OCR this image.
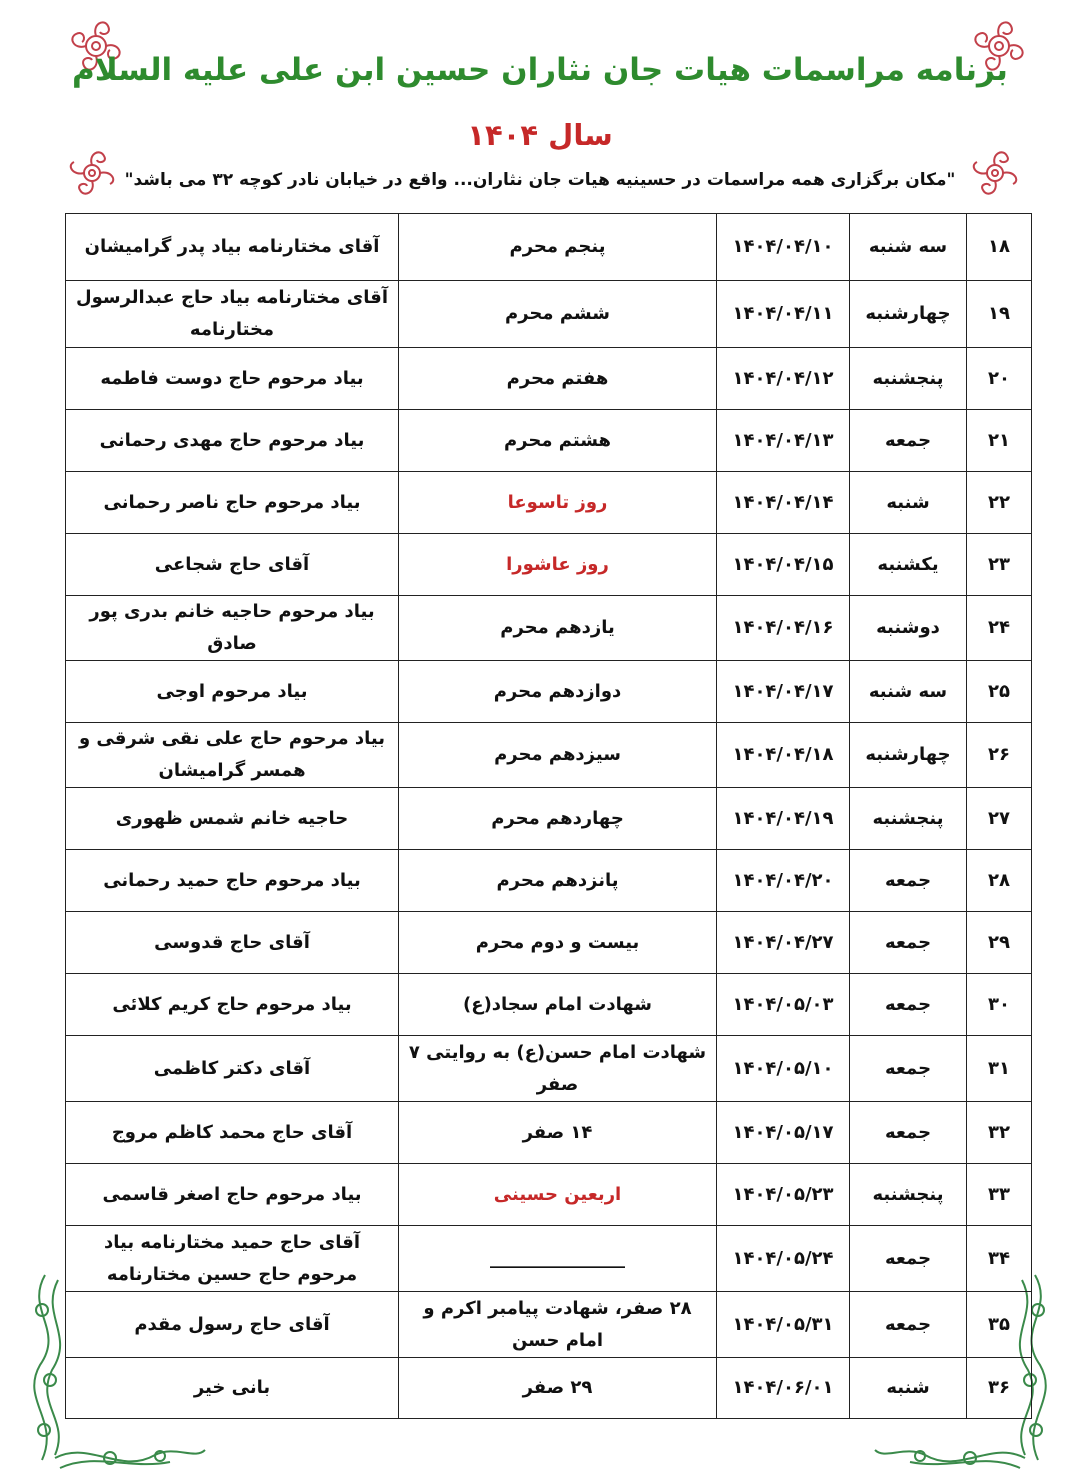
برنامه مراسمات هیات جان نثاران حسین ابن علی علیه السلام
سال ۱۴۰۴
"مکان برگزاری همه مراسمات در حسینیه هیات جان نثاران... واقع در خیابان نادر کوچه ۳۲ می باشد"
۱۸	سه شنبه	۱۴۰۴/۰۴/۱۰	پنجم محرم	آقای مختارنامه بیاد پدر گرامیشان
۱۹	چهارشنبه	۱۴۰۴/۰۴/۱۱	ششم محرم	آقای مختارنامه بیاد حاج عبدالرسول مختارنامه
۲۰	پنجشنبه	۱۴۰۴/۰۴/۱۲	هفتم محرم	بیاد مرحوم حاج دوست فاطمه
۲۱	جمعه	۱۴۰۴/۰۴/۱۳	هشتم محرم	بیاد مرحوم حاج مهدی رحمانی
۲۲	شنبه	۱۴۰۴/۰۴/۱۴	روز تاسوعا	بیاد مرحوم حاج ناصر رحمانی
۲۳	یکشنبه	۱۴۰۴/۰۴/۱۵	روز عاشورا	آقای حاج شجاعی
۲۴	دوشنبه	۱۴۰۴/۰۴/۱۶	یازدهم محرم	بیاد مرحوم حاجیه خانم بدری پور صادق
۲۵	سه شنبه	۱۴۰۴/۰۴/۱۷	دوازدهم محرم	بیاد مرحوم اوجی
۲۶	چهارشنبه	۱۴۰۴/۰۴/۱۸	سیزدهم محرم	بیاد مرحوم حاج علی نقی شرقی و همسر گرامیشان
۲۷	پنجشنبه	۱۴۰۴/۰۴/۱۹	چهاردهم محرم	حاجیه خانم شمس ظهوری
۲۸	جمعه	۱۴۰۴/۰۴/۲۰	پانزدهم محرم	بیاد مرحوم حاج حمید رحمانی
۲۹	جمعه	۱۴۰۴/۰۴/۲۷	بیست و دوم محرم	آقای حاج قدوسی
۳۰	جمعه	۱۴۰۴/۰۵/۰۳	شهادت امام سجاد(ع)	بیاد مرحوم حاج کریم کلائی
۳۱	جمعه	۱۴۰۴/۰۵/۱۰	شهادت امام حسن(ع) به روایتی ۷ صفر	آقای دکتر کاظمی
۳۲	جمعه	۱۴۰۴/۰۵/۱۷	۱۴ صفر	آقای حاج محمد کاظم مروج
۳۳	پنجشنبه	۱۴۰۴/۰۵/۲۳	اربعین حسینی	بیاد مرحوم حاج اصغر قاسمی
۳۴	جمعه	۱۴۰۴/۰۵/۲۴	_______________	آقای حاج حمید مختارنامه بیاد مرحوم حاج حسین مختارنامه
۳۵	جمعه	۱۴۰۴/۰۵/۳۱	۲۸ صفر، شهادت پیامبر اکرم و امام حسن	آقای حاج رسول مقدم
۳۶	شنبه	۱۴۰۴/۰۶/۰۱	۲۹ صفر	بانی خیر
